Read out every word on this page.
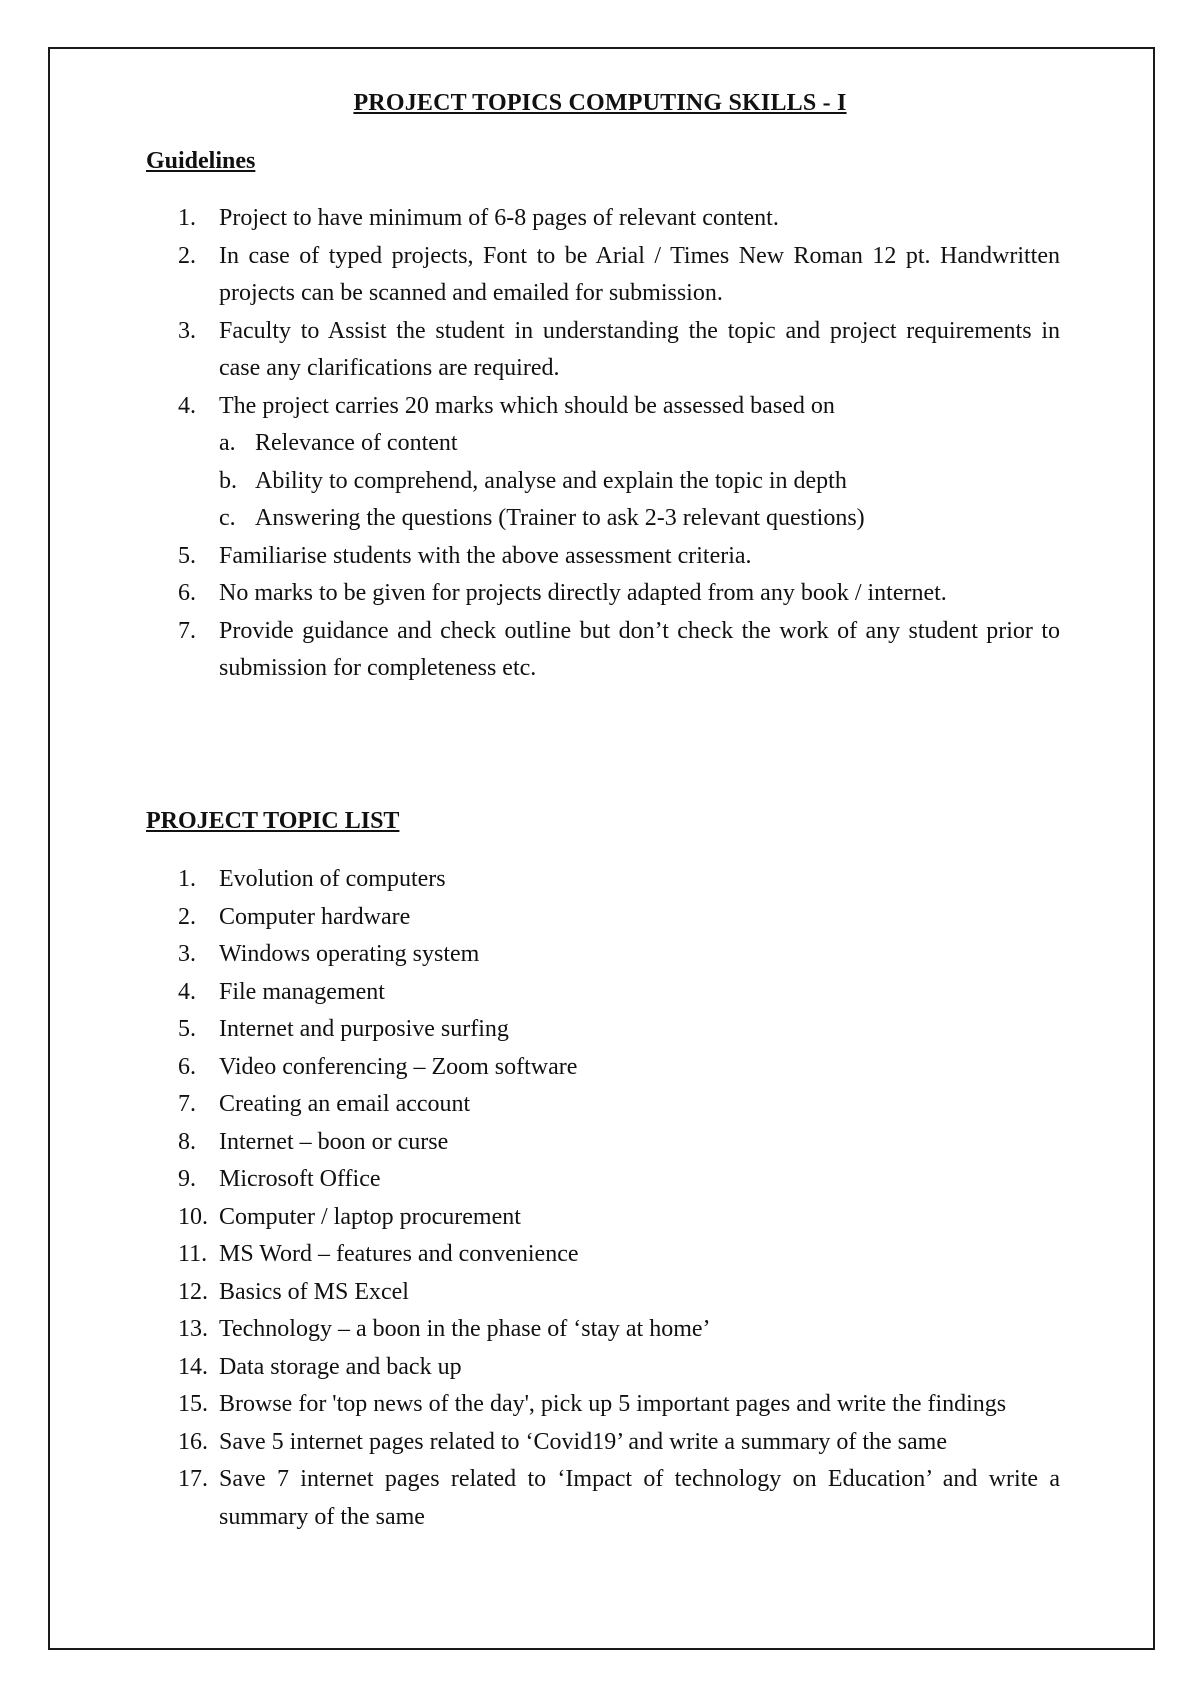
PROJECT TOPICS COMPUTING SKILLS - I
Guidelines
1. Project to have minimum of 6-8 pages of relevant content.
2. In case of typed projects, Font to be Arial / Times New Roman 12 pt. Handwritten projects can be scanned and emailed for submission.
3. Faculty to Assist the student in understanding the topic and project requirements in case any clarifications are required.
4. The project carries 20 marks which should be assessed based on
a. Relevance of content
b. Ability to comprehend, analyse and explain the topic in depth
c. Answering the questions (Trainer to ask 2-3 relevant questions)
5. Familiarise students with the above assessment criteria.
6. No marks to be given for projects directly adapted from any book / internet.
7. Provide guidance and check outline but don’t check the work of any student prior to submission for completeness etc.
PROJECT TOPIC LIST
1. Evolution of computers
2. Computer hardware
3. Windows operating system
4. File management
5. Internet and purposive surfing
6. Video conferencing – Zoom software
7. Creating an email account
8. Internet – boon or curse
9. Microsoft Office
10. Computer / laptop procurement
11. MS Word – features and convenience
12. Basics of MS Excel
13. Technology – a boon in the phase of ‘stay at home’
14. Data storage and back up
15. Browse for 'top news of the day', pick up 5 important pages and write the findings
16. Save 5 internet pages related to ‘Covid19’ and write a summary of the same
17. Save 7 internet pages related to ‘Impact of technology on Education’ and write a summary of the same
